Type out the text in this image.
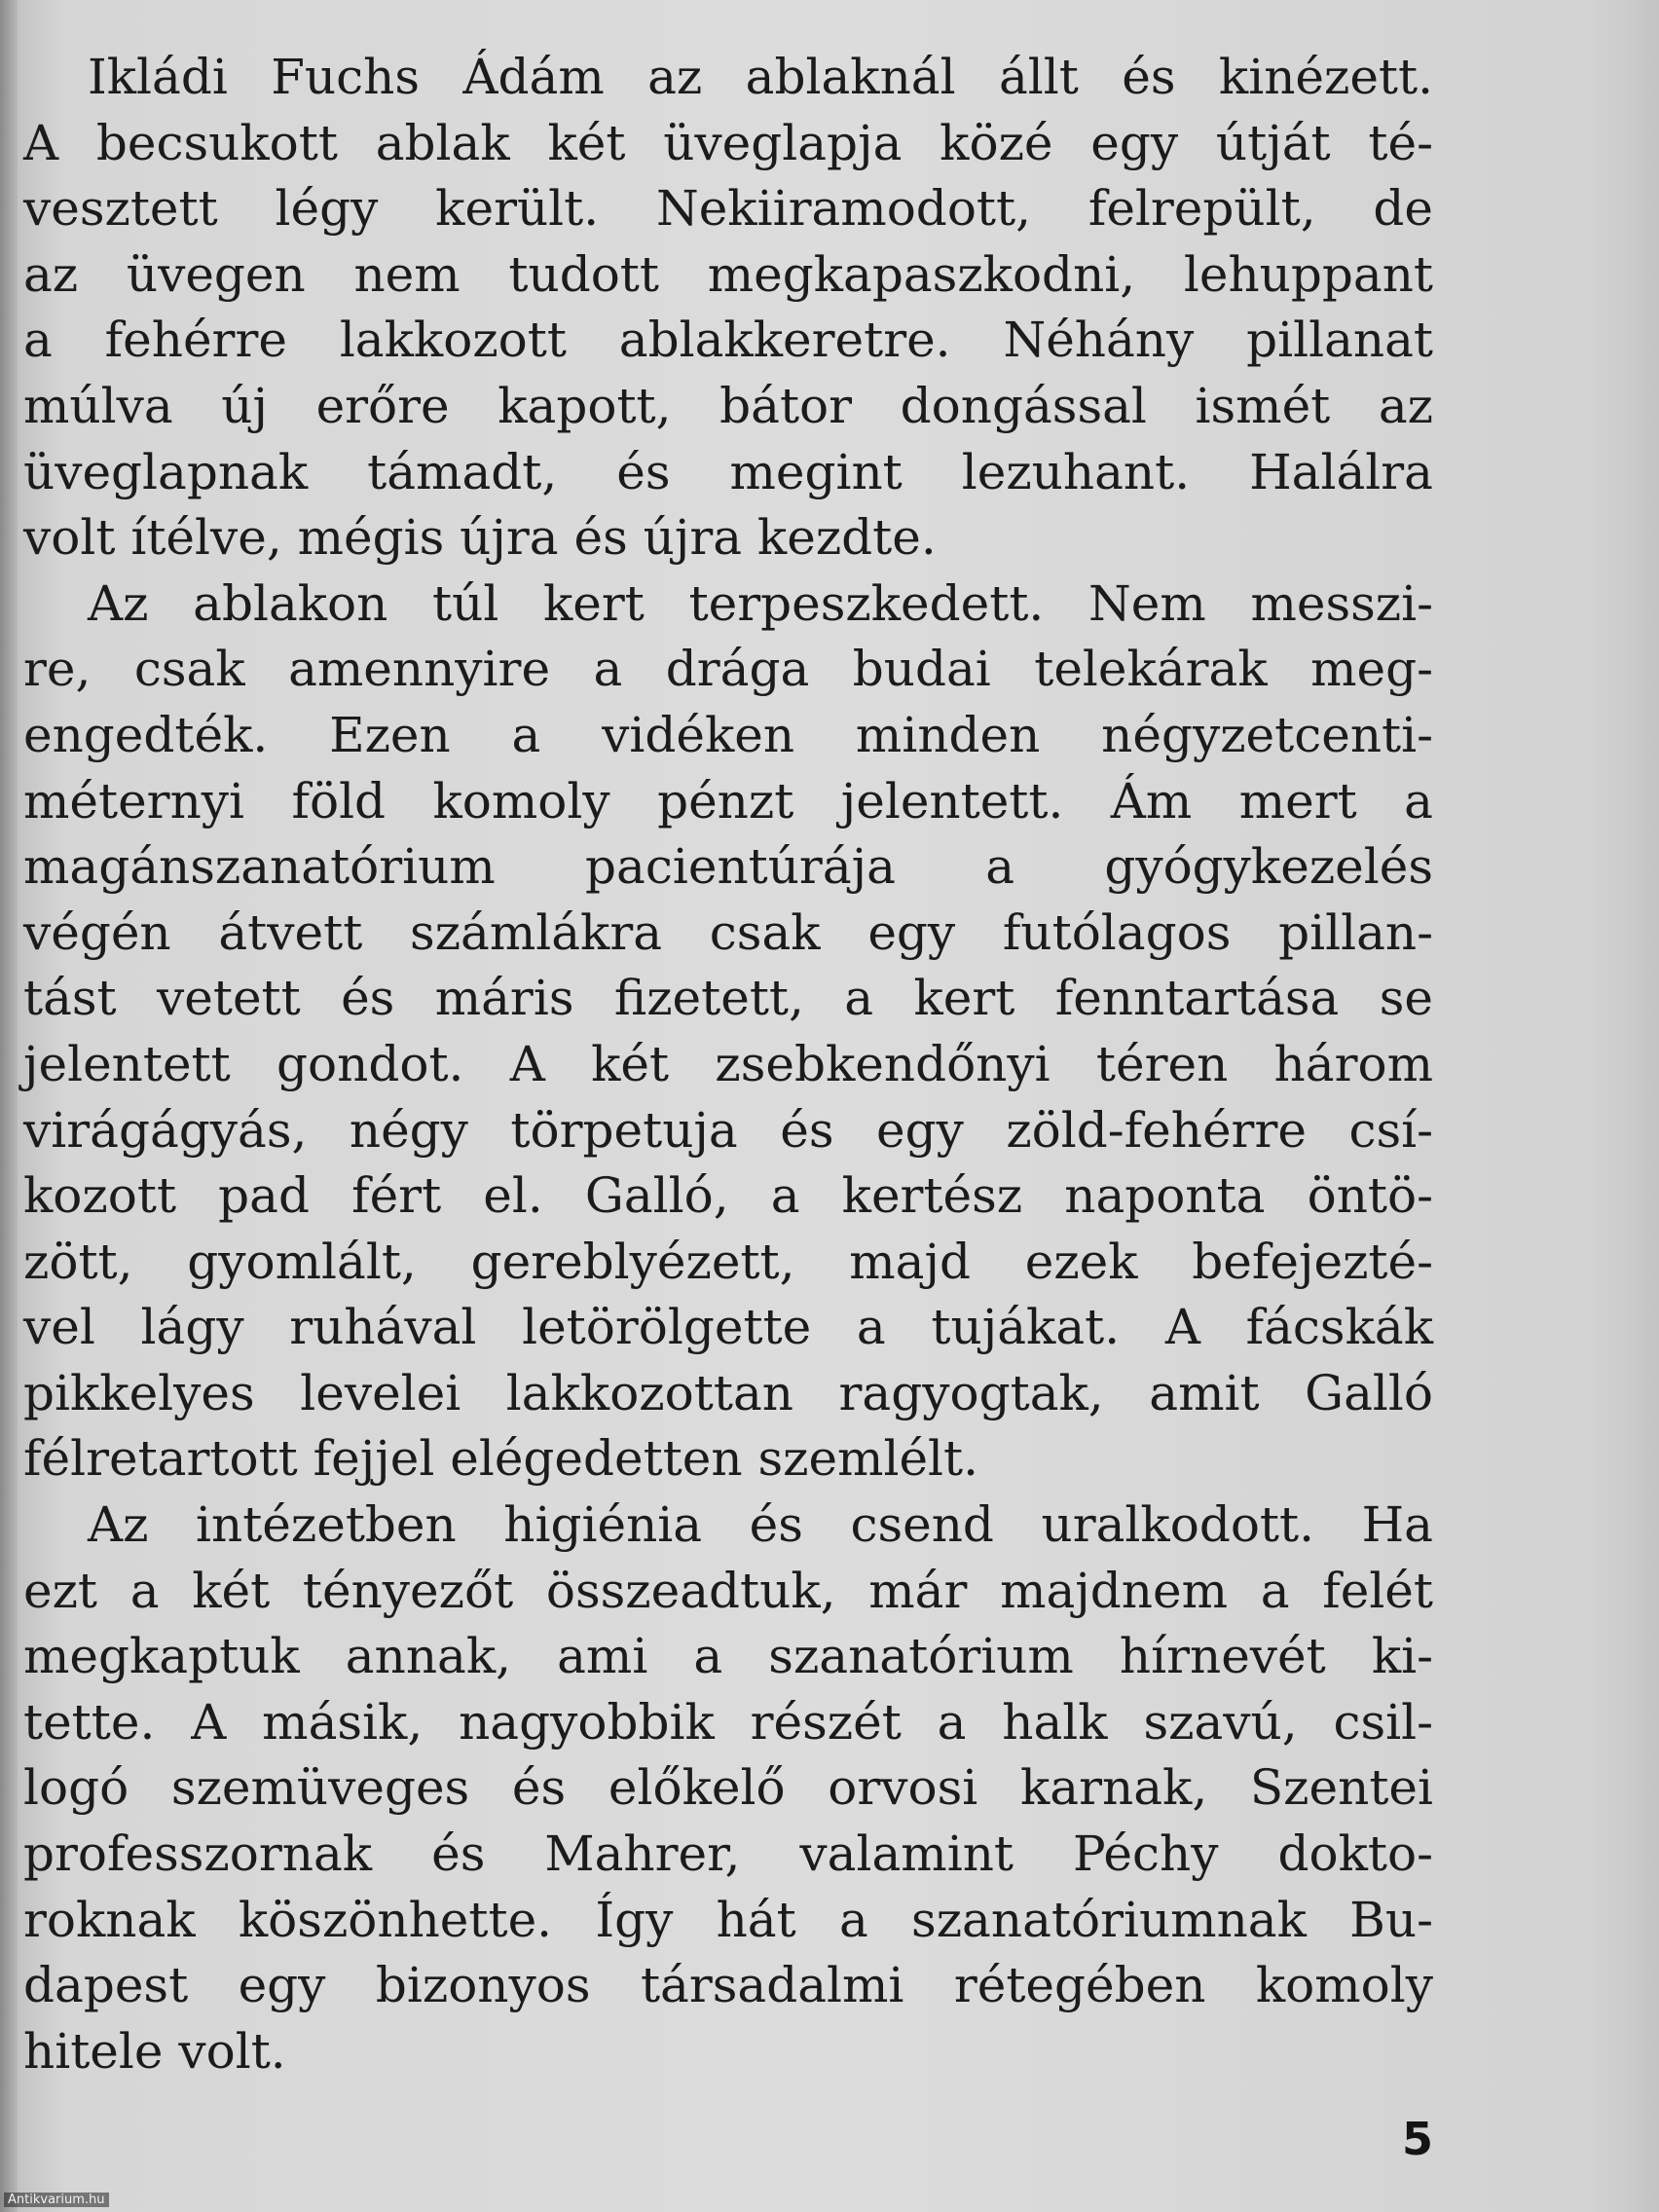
Ikládi Fuchs Ádám az ablaknál állt és kinézett.
A becsukott ablak két üveglapja közé egy útját té-
vesztett légy került. Nekiiramodott, felrepült, de
az üvegen nem tudott megkapaszkodni, lehuppant
a fehérre lakkozott ablakkeretre. Néhány pillanat
múlva új erőre kapott, bátor dongással ismét az
üveglapnak támadt, és megint lezuhant. Halálra
volt ítélve, mégis újra és újra kezdte.
Az ablakon túl kert terpeszkedett. Nem messzi-
re, csak amennyire a drága budai telekárak meg-
engedték. Ezen a vidéken minden négyzetcenti-
méternyi föld komoly pénzt jelentett. Ám mert a
magánszanatórium pacientúrája a gyógykezelés
végén átvett számlákra csak egy futólagos pillan-
tást vetett és máris fizetett, a kert fenntartása se
jelentett gondot. A két zsebkendőnyi téren három
virágágyás, négy törpetuja és egy zöld-fehérre csí-
kozott pad fért el. Galló, a kertész naponta öntö-
zött, gyomlált, gereblyézett, majd ezek befejezté-
vel lágy ruhával letörölgette a tujákat. A fácskák
pikkelyes levelei lakkozottan ragyogtak, amit Galló
félretartott fejjel elégedetten szemlélt.
Az intézetben higiénia és csend uralkodott. Ha
ezt a két tényezőt összeadtuk, már majdnem a felét
megkaptuk annak, ami a szanatórium hírnevét ki-
tette. A másik, nagyobbik részét a halk szavú, csil-
logó szemüveges és előkelő orvosi karnak, Szentei
professzornak és Mahrer, valamint Péchy dokto-
roknak köszönhette. Így hát a szanatóriumnak Bu-
dapest egy bizonyos társadalmi rétegében komoly
hitele volt.
5
Antikvarium.hu
